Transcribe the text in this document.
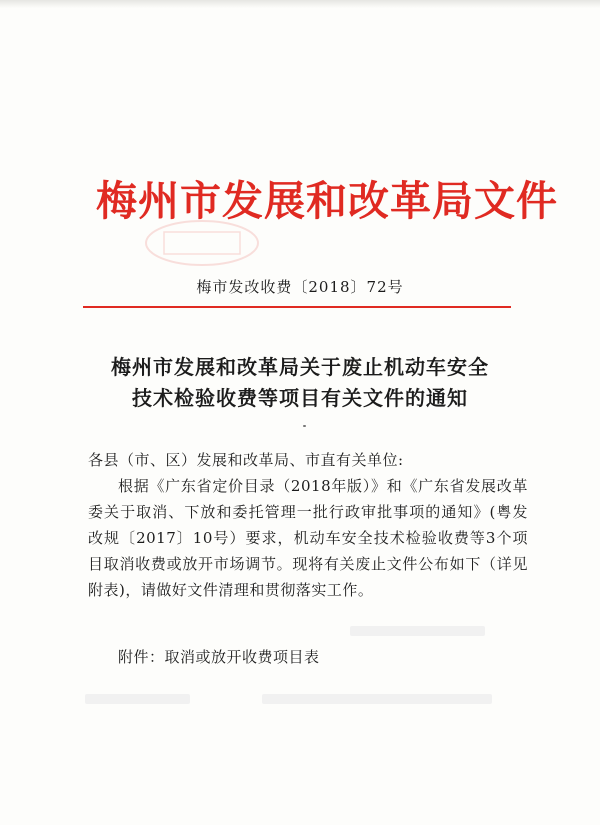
梅州市发展和改革局文件
梅市发改收费〔2018〕72号
梅州市发展和改革局关于废止机动车安全
技术检验收费等项目有关文件的通知

各县（市、区）发展和改革局、市直有关单位:

根据《广东省定价目录（2018年版）》和《广东省发展改革委关于取消、下放和委托管理一批行政审批事项的通知》(粤发改规〔2017〕10号）要求，机动车安全技术检验收费等3个项目取消收费或放开市场调节。现将有关废止文件公布如下（详见附表)，请做好文件清理和贯彻落实工作。

附件：取消或放开收费项目表
